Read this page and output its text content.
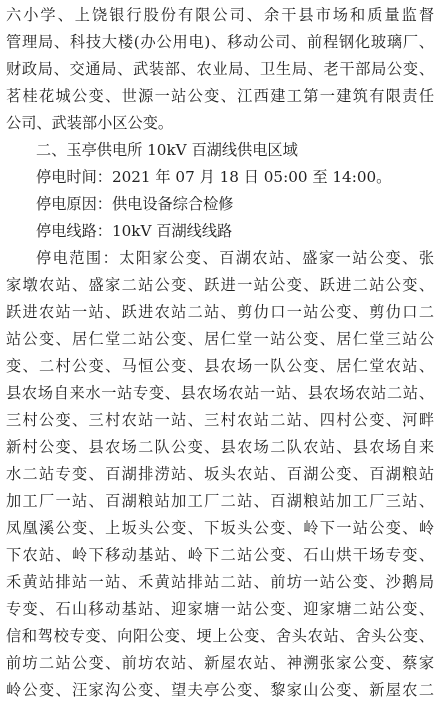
六小学、上饶银行股份有限公司、余干县市场和质量监督
管理局、科技大楼(办公用电)、移动公司、前程钢化玻璃厂、
财政局、交通局、武装部、农业局、卫生局、老干部局公变、
茗桂花城公变、世源一站公变、江西建工第一建筑有限责任
公司、武装部小区公变。
二、玉亭供电所 10kV 百湖线供电区域
停电时间：2021 年 07 月 18 日 05:00 至 14:00。
停电原因：供电设备综合检修
停电线路：10kV 百湖线线路
停电范围：太阳家公变、百湖农站、盛家一站公变、张
家墩农站、盛家二站公变、跃进一站公变、跃进二站公变、
跃进农站一站、跃进农站二站、剪仂口一站公变、剪仂口二
站公变、居仁堂二站公变、居仁堂一站公变、居仁堂三站公
变、二村公变、马恒公变、县农场一队公变、居仁堂农站、
县农场自来水一站专变、县农场农站一站、县农场农站二站、
三村公变、三村农站一站、三村农站二站、四村公变、河畔
新村公变、县农场二队公变、县农场二队农站、县农场自来
水二站专变、百湖排涝站、坂头农站、百湖公变、百湖粮站
加工厂一站、百湖粮站加工厂二站、百湖粮站加工厂三站、
凤凰溪公变、上坂头公变、下坂头公变、岭下一站公变、岭
下农站、岭下移动基站、岭下二站公变、石山烘干场专变、
禾黄站排站一站、禾黄站排站二站、前坊一站公变、沙鹅局
专变、石山移动基站、迎家塘一站公变、迎家塘二站公变、
信和驾校专变、向阳公变、埂上公变、舍头农站、舍头公变、
前坊二站公变、前坊农站、新屋农站、神溯张家公变、蔡家
岭公变、汪家沟公变、望夫亭公变、黎家山公变、新屋农二
